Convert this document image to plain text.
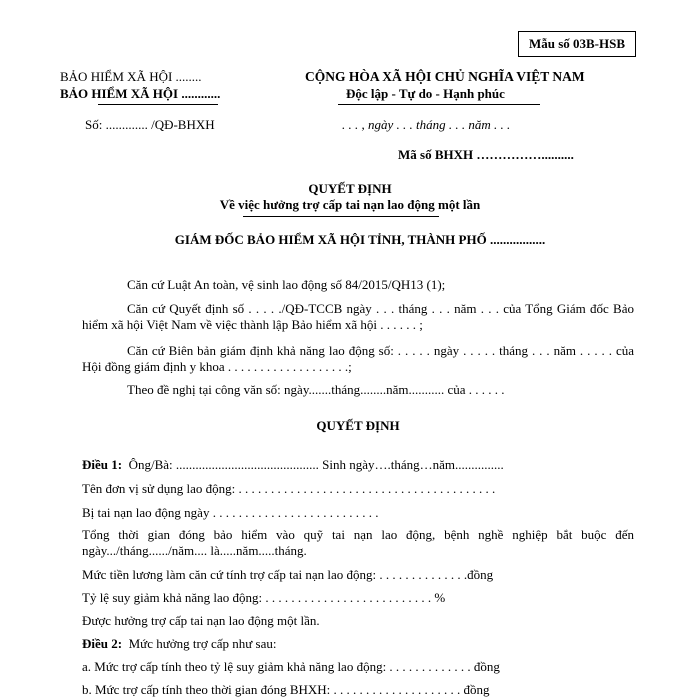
Mẫu số 03B-HSB
BẢO HIỂM XÃ HỘI ........
BẢO HIỂM XÃ HỘI ............
Số: ............. /QĐ-BHXH
CỘNG HÒA XÃ HỘI CHỦ NGHĨA VIỆT NAM
Độc lập - Tự do - Hạnh phúc
. . . , ngày . . . tháng . . . năm . . .
Mã số BHXH ……………..........
QUYẾT ĐỊNH
Về việc hưởng trợ cấp tai nạn lao động một lần
GIÁM ĐỐC BẢO HIỂM XÃ HỘI TỈNH, THÀNH PHỐ .................
Căn cứ Luật An toàn, vệ sinh lao động số 84/2015/QH13 (1);
Căn cứ Quyết định số . . . . ./QĐ-TCCB ngày . . . tháng . . . năm . . . của Tổng Giám đốc Bảo hiểm xã hội Việt Nam về việc thành lập Bảo hiểm xã hội . . . . . . ;
Căn cứ Biên bản giám định khả năng lao động số: . . . . . ngày . . . . . tháng . . . năm . . . . . của Hội đồng giám định y khoa . . . . . . . . . . . . . . . . . . .;
Theo đề nghị tại công văn số: ngày.......tháng........năm........... của . . . . . .
QUYẾT ĐỊNH
Điều 1: Ông/Bà: ............................................ Sinh ngày….tháng…năm...............
Tên đơn vị sử dụng lao động: . . . . . . . . . . . . . . . . . . . . . . . . . . . . . . . . . . . . . . . .
Bị tai nạn lao động ngày . . . . . . . . . . . . . . . . . . . . . . . . . .
Tổng thời gian đóng bảo hiểm vào quỹ tai nạn lao động, bệnh nghề nghiệp bắt buộc đến ngày.../tháng....../năm.... là.....năm.....tháng.
Mức tiền lương làm căn cứ tính trợ cấp tai nạn lao động: . . . . . . . . . . . . . .đồng
Tỷ lệ suy giảm khả năng lao động: . . . . . . . . . . . . . . . . . . . . . . . . . . %
Được hưởng trợ cấp tai nạn lao động một lần.
Điều 2: Mức hưởng trợ cấp như sau:
a. Mức trợ cấp tính theo tỷ lệ suy giảm khả năng lao động: . . . . . . . . . . . . . đồng
b. Mức trợ cấp tính theo thời gian đóng BHXH: . . . . . . . . . . . . . . . . . . . . đồng
